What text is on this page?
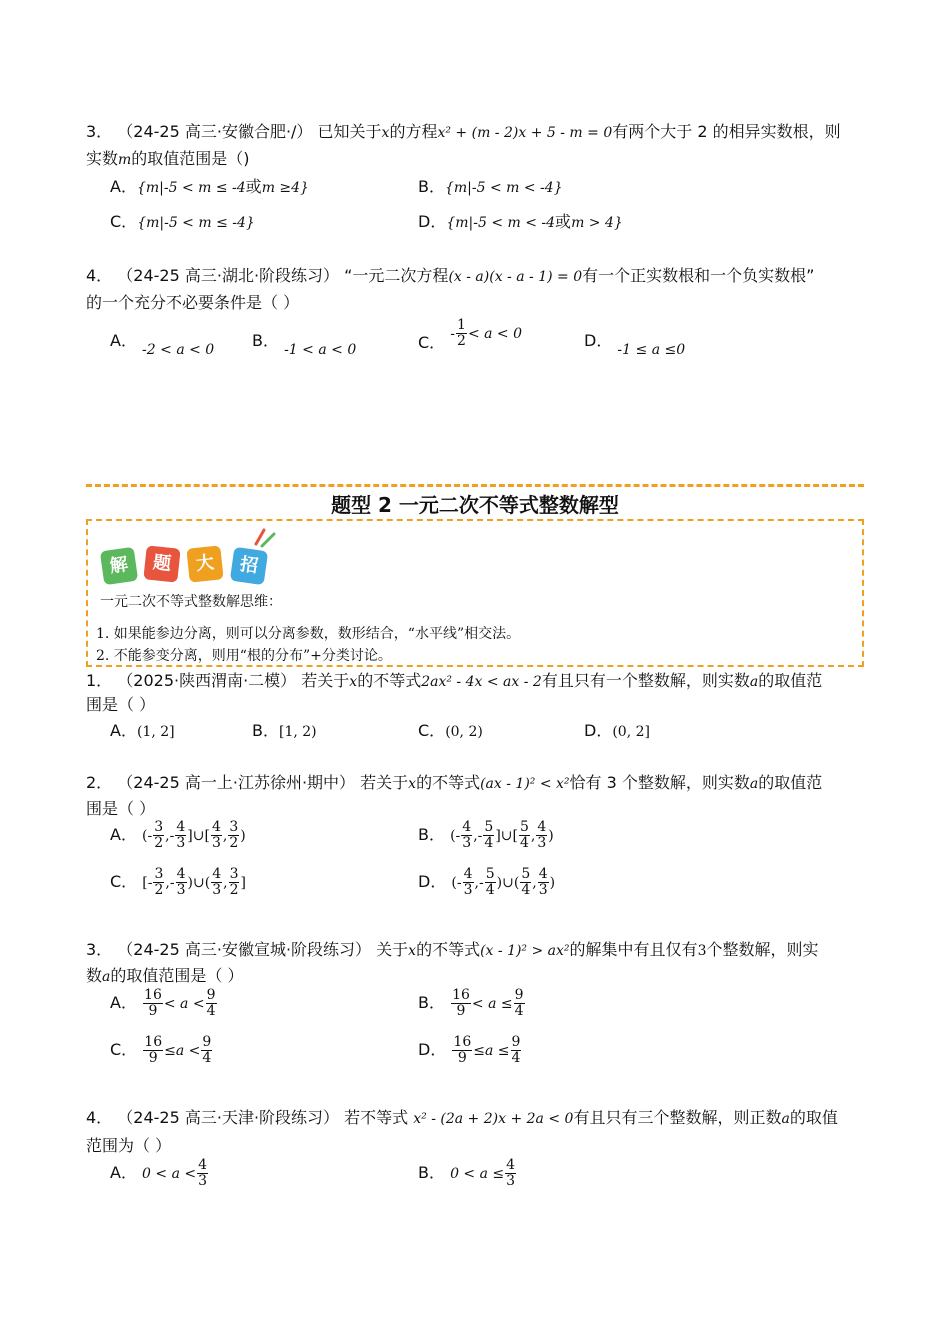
3． （24-25 高三·安徽合肥·/） 已知关于x的方程x² + (m - 2)x + 5 - m = 0有两个大于 2 的相异实数根，则
实数m的取值范围是（)
A．{m|-5 < m ≤ -4或m ≥4}	B．{m|-5 < m < -4}
C．{m|-5 < m ≤ -4}	D．{m|-5 < m < -4或m > 4}
4． （24-25 高三·湖北·阶段练习） “一元二次方程(x - a)(x - a - 1) = 0有一个正实数根和一个负实数根”
的一个充分不必要条件是（ ）
A． -2 < a < 0 B． -1 < a < 0	C． - $\frac{1}{2} < a < 0$	D． -1 ≤ a ≤0
题型 2 一元二次不等式整数解型
解	题	大	招
一元二次不等式整数解思维：
1. 如果能参边分离，则可以分离参数，数形结合，“水平线”相交法。
2. 不能参变分离，则用“根的分布”+分类讨论。
1． （2025·陕西渭南·二模） 若关于x的不等式2ax² - 4x < ax - 2有且只有一个整数解，则实数a的取值范
围是（ ）
A．(1, 2]	B．[1, 2)	C．(0, 2)	D．(0, 2]
2． （24-25 高一上·江苏徐州·期中） 若关于x的不等式(ax - 1)² < x²恰有 3 个整数解，则实数a的取值范
围是（ ）
A． (- $\frac{3}{2}$ ,- $\frac{4}{3}$ ]∪[ $\frac{4}{3}$ , $\frac{3}{2}$ )	B． (- $\frac{4}{3}$ ,- $\frac{5}{4}$ ]∪[ $\frac{5}{4}$ , $\frac{4}{3}$ )
C． [- $\frac{3}{2}$ ,- $\frac{4}{3}$ )∪( $\frac{4}{3}$ , $\frac{3}{2}$ ]	D． (- $\frac{4}{3}$ ,- $\frac{5}{4}$ )∪( $\frac{5}{4}$ , $\frac{4}{3}$ )
3． （24-25 高三·安徽宣城·阶段练习） 关于x的不等式(x - 1)² > ax²的解集中有且仅有3个整数解，则实
数a的取值范围是（ ）
A． $\frac{16}{9} < a < \frac{9}{4}$	B． $\frac{16}{9} < a \le \frac{9}{4}$
C． $\frac{16}{9} \le a < \frac{9}{4}$	D． $\frac{16}{9} \le a \le \frac{9}{4}$
4． （24-25 高三·天津·阶段练习） 若不等式 x² - (2a + 2)x + 2a < 0有且只有三个整数解，则正数a的取值
范围为（ ）
A． $0 < a < \frac{4}{3}$	B． $0 < a \le \frac{4}{3}$
